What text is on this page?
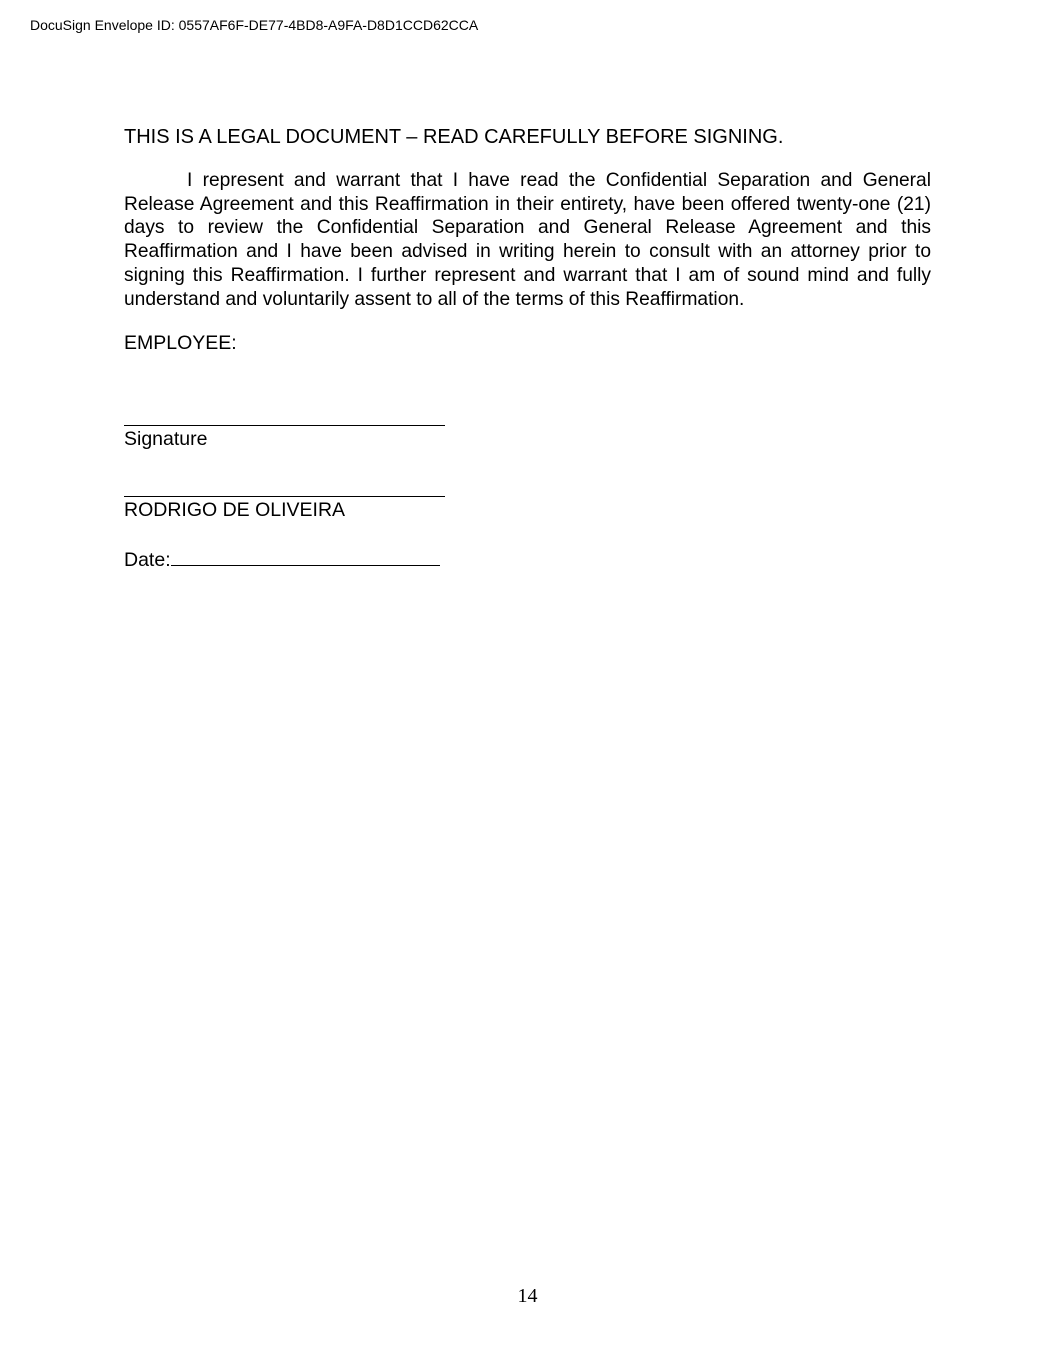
DocuSign Envelope ID: 0557AF6F-DE77-4BD8-A9FA-D8D1CCD62CCA

THIS IS A LEGAL DOCUMENT – READ CAREFULLY BEFORE SIGNING.

I represent and warrant that I have read the Confidential Separation and General Release Agreement and this Reaffirmation in their entirety, have been offered twenty-one (21) days to review the Confidential Separation and General Release Agreement and this Reaffirmation and I have been advised in writing herein to consult with an attorney prior to signing this Reaffirmation. I further represent and warrant that I am of sound mind and fully understand and voluntarily assent to all of the terms of this Reaffirmation.

EMPLOYEE:

Signature
RODRIGO DE OLIVEIRA
Date:
14
